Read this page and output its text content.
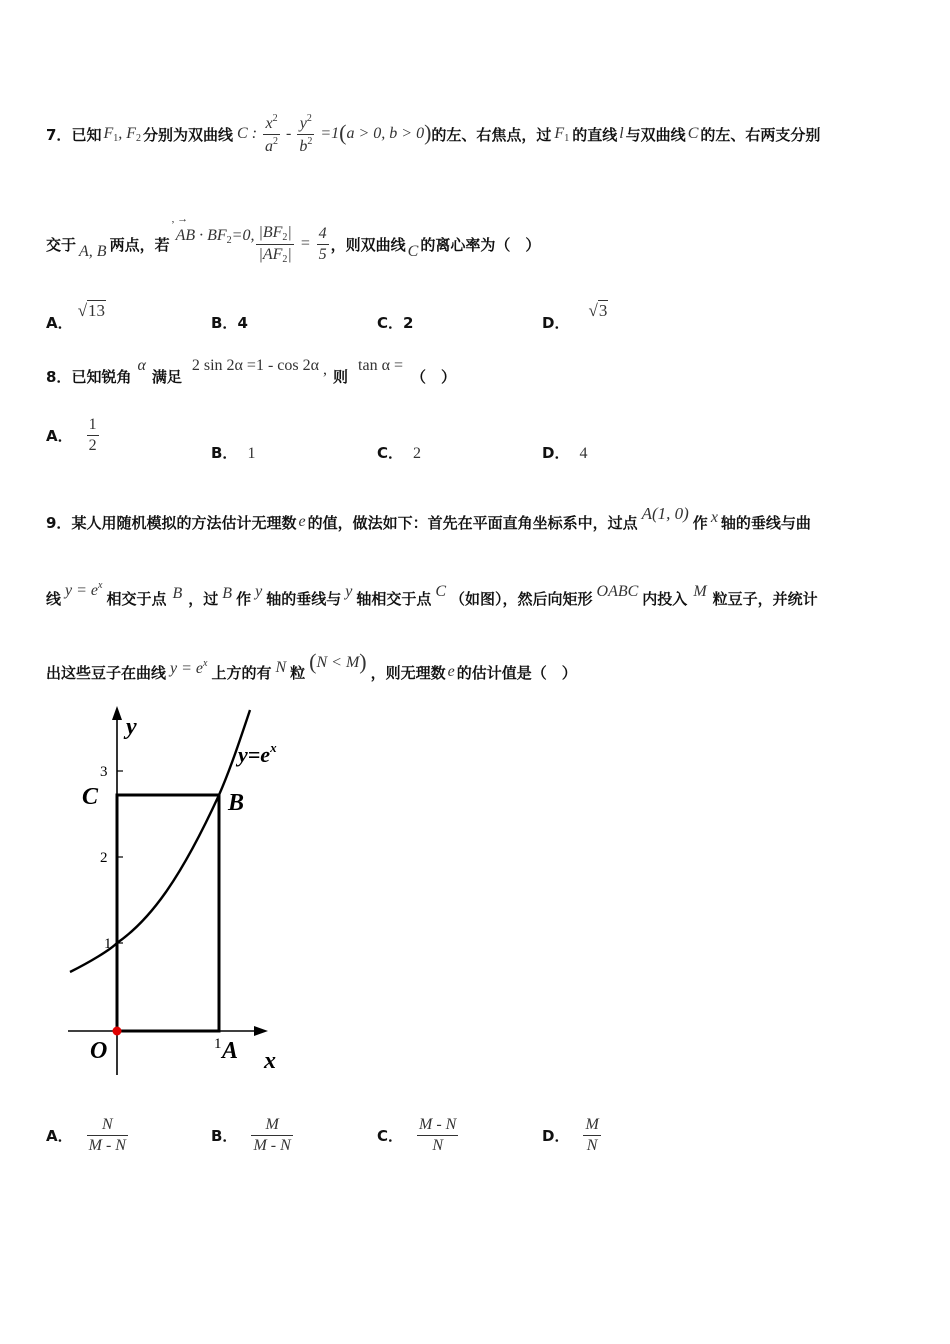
7． 已知 $F_1$, $F_2$ 分别为双曲线 C : $\frac{x^2}{a^2} - \frac{y^2}{b^2} =1(a > 0$, b > 0) 的左、右焦点，过 $F_1$ 的直线 l 与双曲线 C 的左、右两支分别
交于 A, B 两点，若
, →
AB · $BF_2=0$, $\frac{|BF_2|}{|AF_2|} = \frac{4}{5}$ ，则双曲线 C 的离心率为（　）
A． √13
B．4	C．2	D． √3
8． 已知锐角
α
满足
2 sin 2α =1 - cos 2α , 则
tan α =
（　）
A． $\frac{1}{2}$	B． 1	C． 2	D． 4
9． 某人用随机模拟的方法估计无理数 e 的值，做法如下：首先在平面直角坐标系中，过点 A(1, 0) 作 x 轴的垂线与曲
线 $y = e^x$
相交于点 B ，过 B 作 y 轴的垂线与 y 轴相交于点 C （如图），然后向矩形 OABC 内投入 M 粒豆子，并统计
出这些豆子在曲线 $y = e^x$ 上方的有 N 粒 (N < M) ，则无理数 e 的估计值是（　）
y
x
$y=e^x$
C	B
O	A
3
2
1
1
A． $\frac{N}{M - N}$	B． $\frac{M}{M - N}$	C． $\frac{M - N}{N}$	D． $\frac{M}{N}$
